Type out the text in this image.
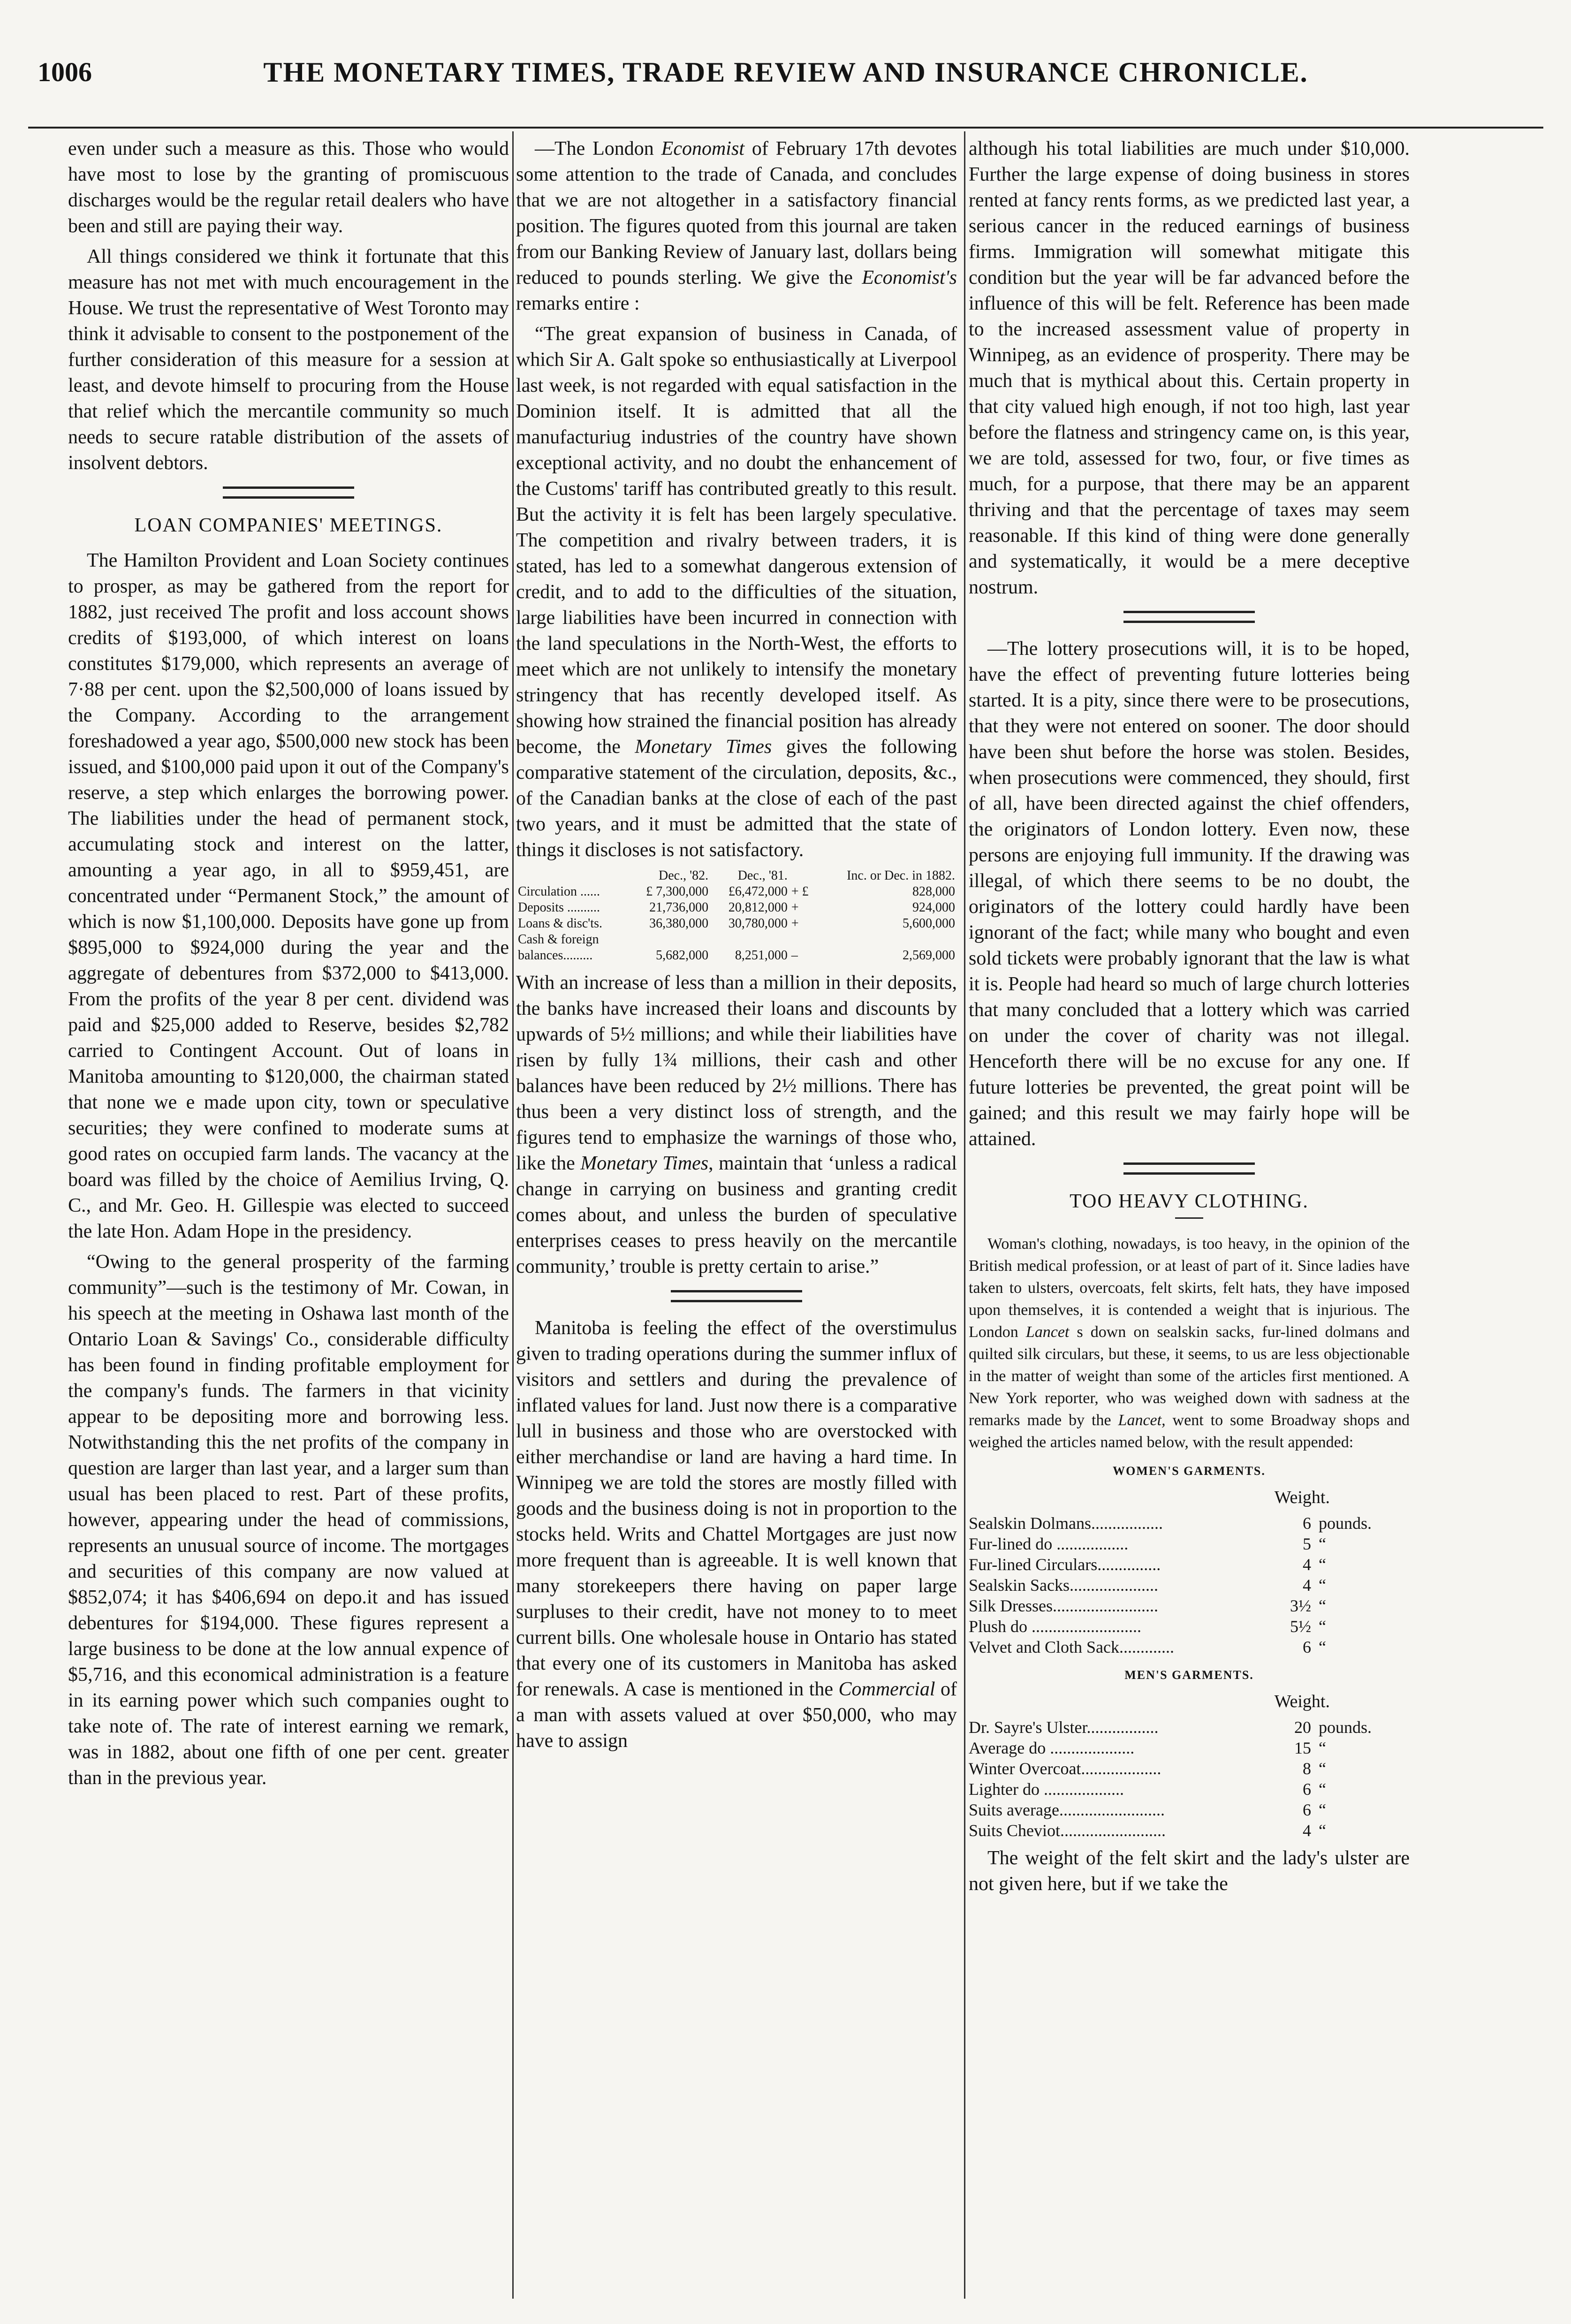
1006	THE MONETARY TIMES, TRADE REVIEW AND INSURANCE CHRONICLE.

even under such a measure as this. Those who would have most to lose by the granting of promiscuous discharges would be the regular retail dealers who have been and still are paying their way.

All things considered we think it fortunate that this measure has not met with much encouragement in the House. We trust the representative of West Toronto may think it advisable to consent to the postponement of the further consideration of this measure for a session at least, and devote himself to procuring from the House that relief which the mercantile community so much needs to secure ratable distribution of the assets of insolvent debtors.

LOAN COMPANIES' MEETINGS.

The Hamilton Provident and Loan Society continues to prosper, as may be gathered from the report for 1882, just received The profit and loss account shows credits of $193,000, of which interest on loans constitutes $179,000, which represents an average of 7·88 per cent. upon the $2,500,000 of loans issued by the Company. According to the arrangement foreshadowed a year ago, $500,000 new stock has been issued, and $100,000 paid upon it out of the Company's reserve, a step which enlarges the borrowing power. The liabilities under the head of permanent stock, accumulating stock and interest on the latter, amounting a year ago, in all to $959,451, are concentrated under “Permanent Stock,” the amount of which is now $1,100,000. Deposits have gone up from $895,000 to $924,000 during the year and the aggregate of debentures from $372,000 to $413,000. From the profits of the year 8 per cent. dividend was paid and $25,000 added to Reserve, besides $2,782 carried to Contingent Account. Out of loans in Manitoba amounting to $120,000, the chairman stated that none we e made upon city, town or speculative securities; they were confined to moderate sums at good rates on occupied farm lands. The vacancy at the board was filled by the choice of Aemilius Irving, Q. C., and Mr. Geo. H. Gillespie was elected to succeed the late Hon. Adam Hope in the presidency.

“Owing to the general prosperity of the farming community”—such is the testimony of Mr. Cowan, in his speech at the meeting in Oshawa last month of the Ontario Loan & Savings' Co., considerable difficulty has been found in finding profitable employment for the company's funds. The farmers in that vicinity appear to be depositing more and borrowing less. Notwithstanding this the net profits of the company in question are larger than last year, and a larger sum than usual has been placed to rest. Part of these profits, however, appearing under the head of commissions, represents an unusual source of income. The mortgages and securities of this company are now valued at $852,074; it has $406,694 on depo.it and has issued debentures for $194,000. These figures represent a large business to be done at the low annual expence of $5,716, and this economical administration is a feature in its earning power which such companies ought to take note of. The rate of interest earning we remark, was in 1882, about one fifth of one per cent. greater than in the previous year.

—The London Economist of February 17th devotes some attention to the trade of Canada, and concludes that we are not altogether in a satisfactory financial position. The figures quoted from this journal are taken from our Banking Review of January last, dollars being reduced to pounds sterling. We give the Economist's remarks entire :

“The great expansion of business in Canada, of which Sir A. Galt spoke so enthusiastically at Liverpool last week, is not regarded with equal satisfaction in the Dominion itself. It is admitted that all the manufacturiug industries of the country have shown exceptional activity, and no doubt the enhancement of the Customs' tariff has contributed greatly to this result. But the activity it is felt has been largely speculative. The competition and rivalry between traders, it is stated, has led to a somewhat dangerous extension of credit, and to add to the difficulties of the situation, large liabilities have been incurred in connection with the land speculations in the North-West, the efforts to meet which are not unlikely to intensify the monetary stringency that has recently developed itself. As showing how strained the financial position has already become, the Monetary Times gives the following comparative statement of the circulation, deposits, &c., of the Canadian banks at the close of each of the past two years, and it must be admitted that the state of things it discloses is not satisfactory.

	Dec., '82.	Dec., '81.		Inc. or Dec. in 1882.
Circulation ......	£ 7,300,000	£6,472,000	+ £	828,000
Deposits ..........	21,736,000	20,812,000	+	924,000
Loans & disc'ts.	36,380,000	30,780,000	+	5,600,000
Cash & foreign				
balances.........	5,682,000	8,251,000	–	2,569,000

With an increase of less than a million in their deposits, the banks have increased their loans and discounts by upwards of 5½ millions; and while their liabilities have risen by fully 1¾ millions, their cash and other balances have been reduced by 2½ millions. There has thus been a very distinct loss of strength, and the figures tend to emphasize the warnings of those who, like the Monetary Times, maintain that ‘unless a radical change in carrying on business and granting credit comes about, and unless the burden of speculative enterprises ceases to press heavily on the mercantile community,’ trouble is pretty certain to arise.”

Manitoba is feeling the effect of the overstimulus given to trading operations during the summer influx of visitors and settlers and during the prevalence of inflated values for land. Just now there is a comparative lull in business and those who are overstocked with either merchandise or land are having a hard time. In Winnipeg we are told the stores are mostly filled with goods and the business doing is not in proportion to the stocks held. Writs and Chattel Mortgages are just now more frequent than is agreeable. It is well known that many storekeepers there having on paper large surpluses to their credit, have not money to to meet current bills. One wholesale house in Ontario has stated that every one of its customers in Manitoba has asked for renewals. A case is mentioned in the Commercial of a man with assets valued at over $50,000, who may have to assign

although his total liabilities are much under $10,000. Further the large expense of doing business in stores rented at fancy rents forms, as we predicted last year, a serious cancer in the reduced earnings of business firms. Immigration will somewhat mitigate this condition but the year will be far advanced before the influence of this will be felt. Reference has been made to the increased assessment value of property in Winnipeg, as an evidence of prosperity. There may be much that is mythical about this. Certain property in that city valued high enough, if not too high, last year before the flatness and stringency came on, is this year, we are told, assessed for two, four, or five times as much, for a purpose, that there may be an apparent thriving and that the percentage of taxes may seem reasonable. If this kind of thing were done generally and systematically, it would be a mere deceptive nostrum.

—The lottery prosecutions will, it is to be hoped, have the effect of preventing future lotteries being started. It is a pity, since there were to be prosecutions, that they were not entered on sooner. The door should have been shut before the horse was stolen. Besides, when prosecutions were commenced, they should, first of all, have been directed against the chief offenders, the originators of London lottery. Even now, these persons are enjoying full immunity. If the drawing was illegal, of which there seems to be no doubt, the originators of the lottery could hardly have been ignorant of the fact; while many who bought and even sold tickets were probably ignorant that the law is what it is. People had heard so much of large church lotteries that many concluded that a lottery which was carried on under the cover of charity was not illegal. Henceforth there will be no excuse for any one. If future lotteries be prevented, the great point will be gained; and this result we may fairly hope will be attained.

TOO HEAVY CLOTHING.

Woman's clothing, nowadays, is too heavy, in the opinion of the British medical profession, or at least of part of it. Since ladies have taken to ulsters, overcoats, felt skirts, felt hats, they have imposed upon themselves, it is contended a weight that is injurious. The London Lancet s down on sealskin sacks, fur-lined dolmans and quilted silk circulars, but these, it seems, to us are less objectionable in the matter of weight than some of the articles first mentioned. A New York reporter, who was weighed down with sadness at the remarks made by the Lancet, went to some Broadway shops and weighed the articles named below, with the result appended:

WOMEN'S GARMENTS.

Weight.

Sealskin Dolmans.................	6	pounds.
Fur-lined do .................	5	“
Fur-lined Circulars...............	4	“
Sealskin Sacks.....................	4	“
Silk Dresses.........................	3½	“
Plush do ..........................	5½	“
Velvet and Cloth Sack.............	6	“
MEN'S GARMENTS.

Weight.

Dr. Sayre's Ulster.................	20	pounds.
Average do ....................	15	“
Winter Overcoat...................	8	“
Lighter do ...................	6	“
Suits average.........................	6	“
Suits Cheviot.........................	4	“

The weight of the felt skirt and the lady's ulster are not given here, but if we take the
